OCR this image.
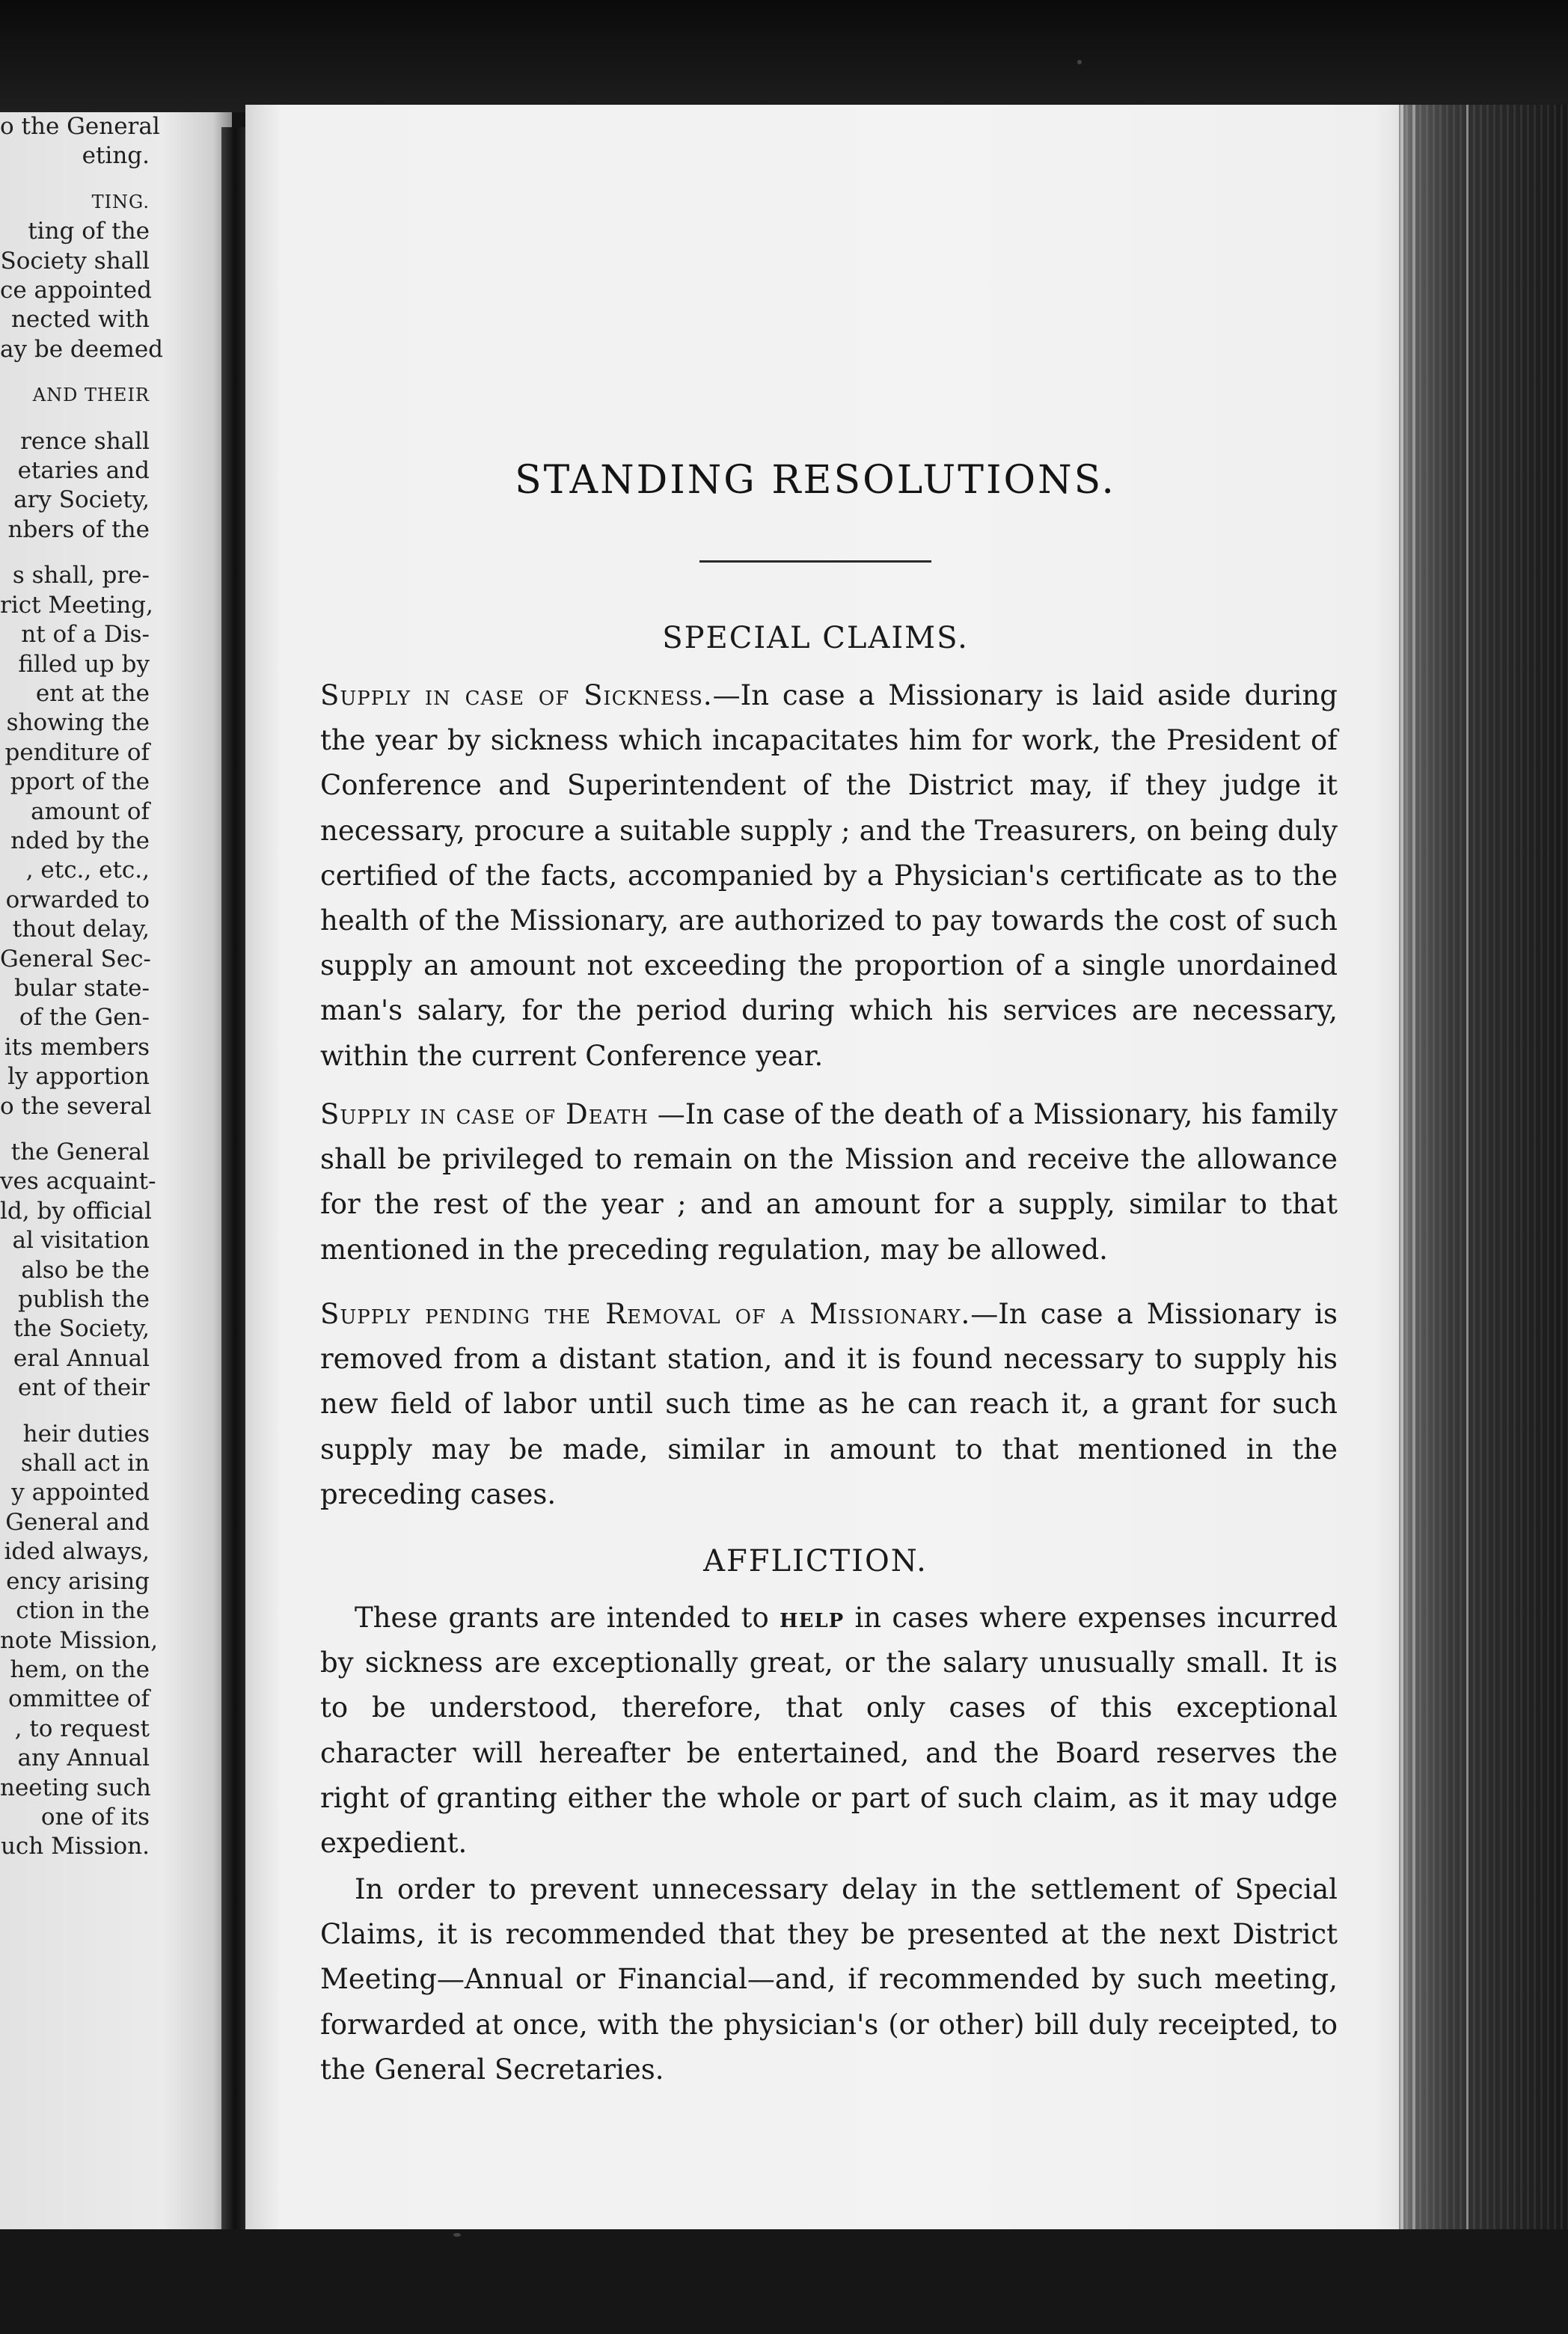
o the General
eting.
TING.
ting of the
Society shall
ce appointed
nected with
ay be deemed
AND THEIR
rence shall
etaries and
ary Society,
nbers of the
s shall, pre-
rict Meeting,
nt of a Dis-
filled up by
ent at the
showing the
penditure of
pport of the
amount of
nded by the
, etc., etc.,
orwarded to
thout delay,
General Sec-
bular state-
of the Gen-
its members
ly apportion
o the several
the General
ves acquaint-
ld, by official
al visitation
also be the
publish the
the Society,
eral Annual
ent of their
heir duties
shall act in
y appointed
General and
ided always,
ency arising
ction in the
note Mission,
hem, on the
ommittee of
, to request
any Annual
neeting such
one of its
uch Mission.
STANDING RESOLUTIONS.
SPECIAL CLAIMS.

Supply in case of Sickness.—In case a Missionary is laid aside during the year by sickness which incapacitates him for work, the President of Conference and Superintendent of the District may, if they judge it necessary, procure a suitable supply ; and the Treasurers, on being duly certified of the facts, accompanied by a Physician's certificate as to the health of the Missionary, are authorized to pay towards the cost of such supply an amount not exceeding the proportion of a single unordained man's salary, for the period during which his services are necessary, within the current Conference year.

Supply in case of Death —In case of the death of a Missionary, his family shall be privileged to remain on the Mission and receive the allowance for the rest of the year ; and an amount for a supply, similar to that mentioned in the preceding regulation, may be allowed.

Supply pending the Removal of a Missionary.—In case a Missionary is removed from a distant station, and it is found necessary to supply his new field of labor until such time as he can reach it, a grant for such supply may be made, similar in amount to that mentioned in the preceding cases.

AFFLICTION.

These grants are intended to help in cases where expenses incurred by sickness are exceptionally great, or the salary unusually small. It is to be understood, therefore, that only cases of this exceptional character will hereafter be entertained, and the Board reserves the right of granting either the whole or part of such claim, as it may udge expedient.

In order to prevent unnecessary delay in the settlement of Special Claims, it is recommended that they be presented at the next District Meeting—Annual or Financial—and, if recommended by such meeting, forwarded at once, with the physician's (or other) bill duly receipted, to the General Secretaries.
